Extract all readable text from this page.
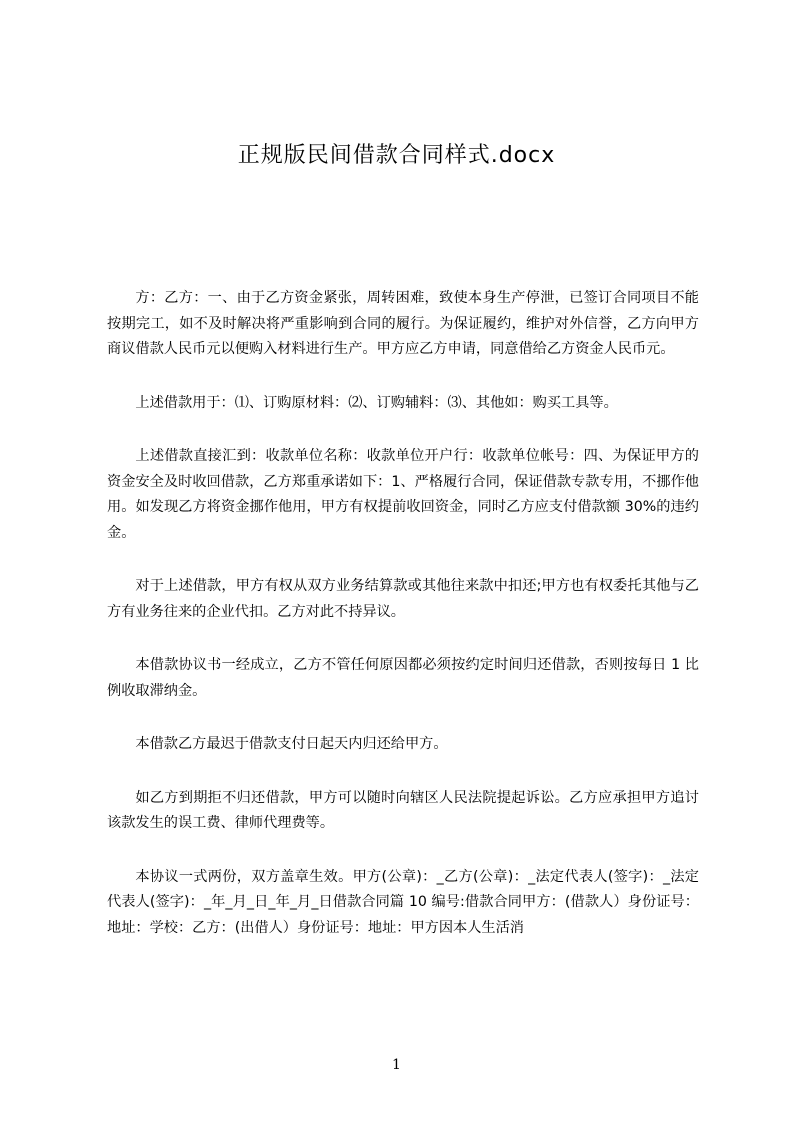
正规版民间借款合同样式.docx

方：乙方：一、由于乙方资金紧张，周转困难，致使本身生产停泄，已签订合同项目不能按期完工，如不及时解决将严重影响到合同的履行。为保证履约，维护对外信誉，乙方向甲方商议借款人民币元以便购入材料进行生产。甲方应乙方申请，同意借给乙方资金人民币元。

上述借款用于：⑴、订购原材料：⑵、订购辅料：⑶、其他如：购买工具等。

上述借款直接汇到：收款单位名称：收款单位开户行：收款单位帐号：四、为保证甲方的资金安全及时收回借款，乙方郑重承诺如下：1、严格履行合同，保证借款专款专用，不挪作他用。如发现乙方将资金挪作他用，甲方有权提前收回资金，同时乙方应支付借款额 30%的违约金。

对于上述借款，甲方有权从双方业务结算款或其他往来款中扣还;甲方也有权委托其他与乙方有业务往来的企业代扣。乙方对此不持异议。

本借款协议书一经成立，乙方不管任何原因都必须按约定时间归还借款，否则按每日 1 比例收取滞纳金。

本借款乙方最迟于借款支付日起天内归还给甲方。

如乙方到期拒不归还借款，甲方可以随时向辖区人民法院提起诉讼。乙方应承担甲方追讨该款发生的误工费、律师代理费等。

本协议一式两份，双方盖章生效。甲方(公章)：_乙方(公章)：_法定代表人(签字)：_法定代表人(签字)：_年_月_日_年_月_日借款合同篇 10 编号:借款合同甲方：(借款人）身份证号：地址：学校：乙方：(出借人）身份证号：地址：甲方因本人生活消

1
